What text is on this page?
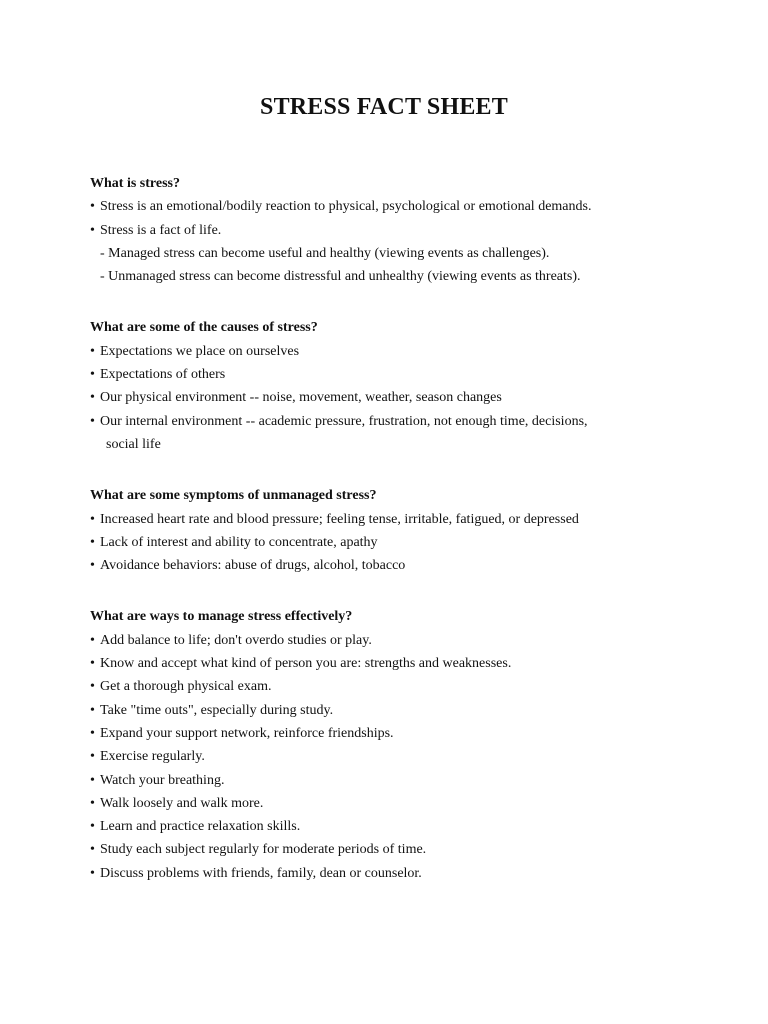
STRESS FACT SHEET

What is stress?

• Stress is an emotional/bodily reaction to physical, psychological or emotional demands.

• Stress is a fact of life.

- Managed stress can become useful and healthy (viewing events as challenges).

- Unmanaged stress can become distressful and unhealthy (viewing events as threats).

What are some of the causes of stress?

• Expectations we place on ourselves

• Expectations of others

• Our physical environment -- noise, movement, weather, season changes

• Our internal environment -- academic pressure, frustration, not enough time, decisions,

social life

What are some symptoms of unmanaged stress?

• Increased heart rate and blood pressure; feeling tense, irritable, fatigued, or depressed

• Lack of interest and ability to concentrate, apathy

• Avoidance behaviors: abuse of drugs, alcohol, tobacco

What are ways to manage stress effectively?

• Add balance to life; don't overdo studies or play.

• Know and accept what kind of person you are: strengths and weaknesses.

• Get a thorough physical exam.

• Take "time outs", especially during study.

• Expand your support network, reinforce friendships.

• Exercise regularly.

• Watch your breathing.

• Walk loosely and walk more.

• Learn and practice relaxation skills.

• Study each subject regularly for moderate periods of time.

• Discuss problems with friends, family, dean or counselor.
